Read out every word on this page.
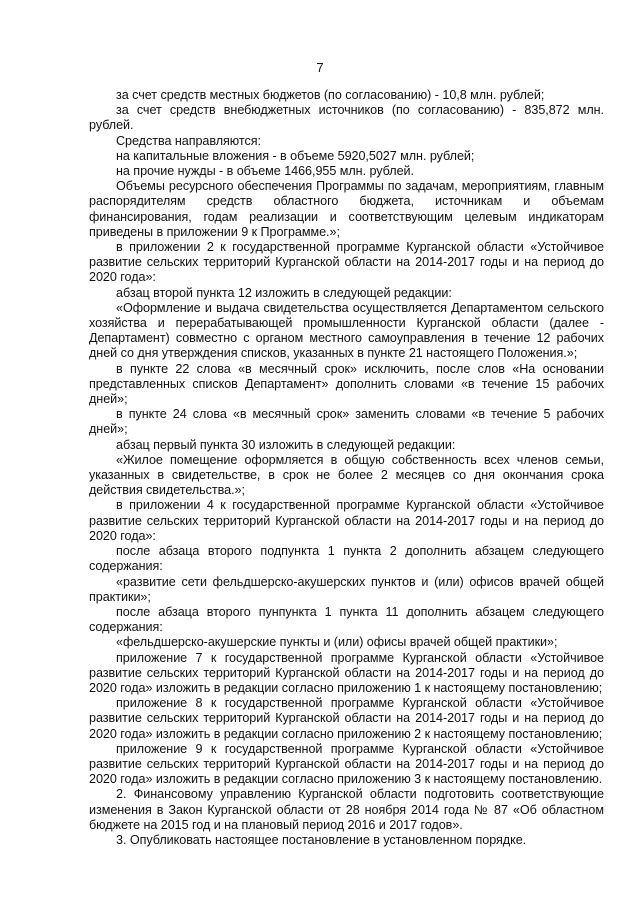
7

за счет средств местных бюджетов (по согласованию) - 10,8 млн. рублей;

за счет средств внебюджетных источников (по согласованию) - 835,872 млн. рублей.

Средства направляются:

на капитальные вложения - в объеме 5920,5027 млн. рублей;

на прочие нужды - в объеме 1466,955 млн. рублей.

Объемы ресурсного обеспечения Программы по задачам, мероприятиям, главным распорядителям средств областного бюджета, источникам и объемам финансирования, годам реализации и соответствующим целевым индикаторам приведены в приложении 9 к Программе.»;

в приложении 2 к государственной программе Курганской области «Устойчивое развитие сельских территорий Курганской области на 2014-2017 годы и на период до 2020 года»:

абзац второй пункта 12 изложить в следующей редакции:

«Оформление и выдача свидетельства осуществляется Департаментом сельского хозяйства и перерабатывающей промышленности Курганской области (далее - Департамент) совместно с органом местного самоуправления в течение 12 рабочих дней со дня утверждения списков, указанных в пункте 21 настоящего Положения.»;

в пункте 22 слова «в месячный срок» исключить, после слов «На основании представленных списков Департамент» дополнить словами «в течение 15 рабочих дней»;

в пункте 24 слова «в месячный срок» заменить словами «в течение 5 рабочих дней»;

абзац первый пункта 30 изложить в следующей редакции:

«Жилое помещение оформляется в общую собственность всех членов семьи, указанных в свидетельстве, в срок не более 2 месяцев со дня окончания срока действия свидетельства.»;

в приложении 4 к государственной программе Курганской области «Устойчивое развитие сельских территорий Курганской области на 2014-2017 годы и на период до 2020 года»:

после абзаца второго подпункта 1 пункта 2 дополнить абзацем следующего содержания:

«развитие сети фельдшерско-акушерских пунктов и (или) офисов врачей общей практики»;

после абзаца второго пунпункта 1 пункта 11 дополнить абзацем следующего содержания:

«фельдшерско-акушерские пункты и (или) офисы врачей общей практики»;

приложение 7 к государственной программе Курганской области «Устойчивое развитие сельских территорий Курганской области на 2014-2017 годы и на период до 2020 года» изложить в редакции согласно приложению 1 к настоящему постановлению;

приложение 8 к государственной программе Курганской области «Устойчивое развитие сельских территорий Курганской области на 2014-2017 годы и на период до 2020 года» изложить в редакции согласно приложению 2 к настоящему постановлению;

приложение 9 к государственной программе Курганской области «Устойчивое развитие сельских территорий Курганской области на 2014-2017 годы и на период до 2020 года» изложить в редакции согласно приложению 3 к настоящему постановлению.

2. Финансовому управлению Курганской области подготовить соответствующие изменения в Закон Курганской области от 28 ноября 2014 года № 87 «Об областном бюджете на 2015 год и на плановый период 2016 и 2017 годов».

3. Опубликовать настоящее постановление в установленном порядке.
